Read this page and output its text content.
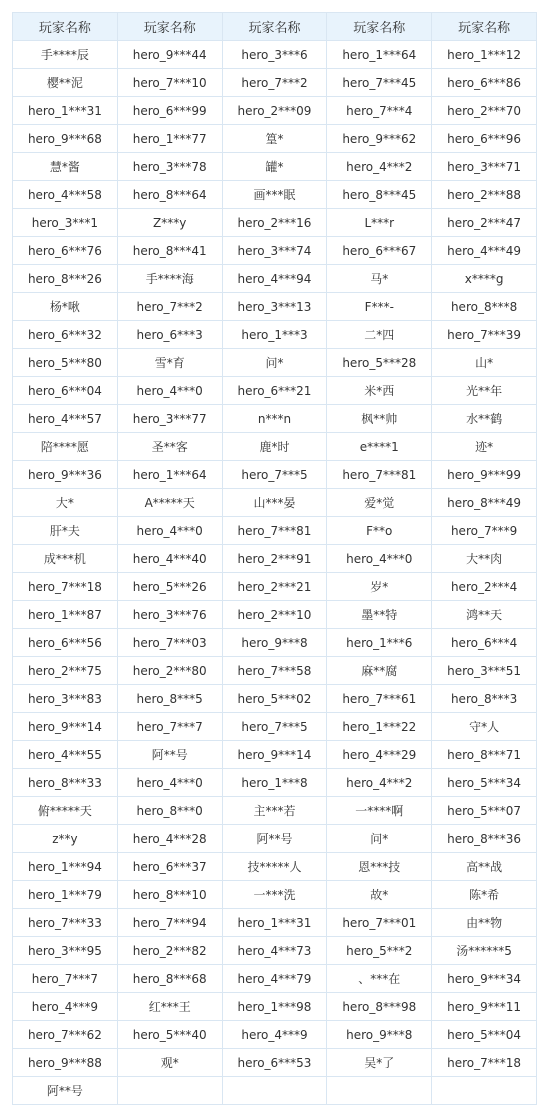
玩家名称	玩家名称	玩家名称	玩家名称	玩家名称
手****辰	hero_9***44	hero_3***6	hero_1***64	hero_1***12
樱**泥	hero_7***10	hero_7***2	hero_7***45	hero_6***86
hero_1***31	hero_6***99	hero_2***09	hero_7***4	hero_2***70
hero_9***68	hero_1***77	篁*	hero_9***62	hero_6***96
慧*酱	hero_3***78	罐*	hero_4***2	hero_3***71
hero_4***58	hero_8***64	画***眠	hero_8***45	hero_2***88
hero_3***1	Z***y	hero_2***16	L***r	hero_2***47
hero_6***76	hero_8***41	hero_3***74	hero_6***67	hero_4***49
hero_8***26	手****海	hero_4***94	马*	x****g
杨*啾	hero_7***2	hero_3***13	F***-	hero_8***8
hero_6***32	hero_6***3	hero_1***3	二*四	hero_7***39
hero_5***80	雪*育	问*	hero_5***28	山*
hero_6***04	hero_4***0	hero_6***21	米*西	光**年
hero_4***57	hero_3***77	n***n	枫**帅	水**鹤
陪****愿	圣**客	鹿*时	e****1	迹*
hero_9***36	hero_1***64	hero_7***5	hero_7***81	hero_9***99
大*	A*****天	山***晏	爱*觉	hero_8***49
肝*夫	hero_4***0	hero_7***81	F**o	hero_7***9
成***机	hero_4***40	hero_2***91	hero_4***0	大**肉
hero_7***18	hero_5***26	hero_2***21	岁*	hero_2***4
hero_1***87	hero_3***76	hero_2***10	墨**特	鸿**天
hero_6***56	hero_7***03	hero_9***8	hero_1***6	hero_6***4
hero_2***75	hero_2***80	hero_7***58	麻**腐	hero_3***51
hero_3***83	hero_8***5	hero_5***02	hero_7***61	hero_8***3
hero_9***14	hero_7***7	hero_7***5	hero_1***22	守*人
hero_4***55	阿**号	hero_9***14	hero_4***29	hero_8***71
hero_8***33	hero_4***0	hero_1***8	hero_4***2	hero_5***34
俯*****天	hero_8***0	主***若	一****啊	hero_5***07
z**y	hero_4***28	阿**号	问*	hero_8***36
hero_1***94	hero_6***37	技*****人	恩***技	高**战
hero_1***79	hero_8***10	一***洗	故*	陈*希
hero_7***33	hero_7***94	hero_1***31	hero_7***01	由**物
hero_3***95	hero_2***82	hero_4***73	hero_5***2	汤******5
hero_7***7	hero_8***68	hero_4***79	、***在	hero_9***34
hero_4***9	红***王	hero_1***98	hero_8***98	hero_9***11
hero_7***62	hero_5***40	hero_4***9	hero_9***8	hero_5***04
hero_9***88	观*	hero_6***53	吴*了	hero_7***18
阿**号				
